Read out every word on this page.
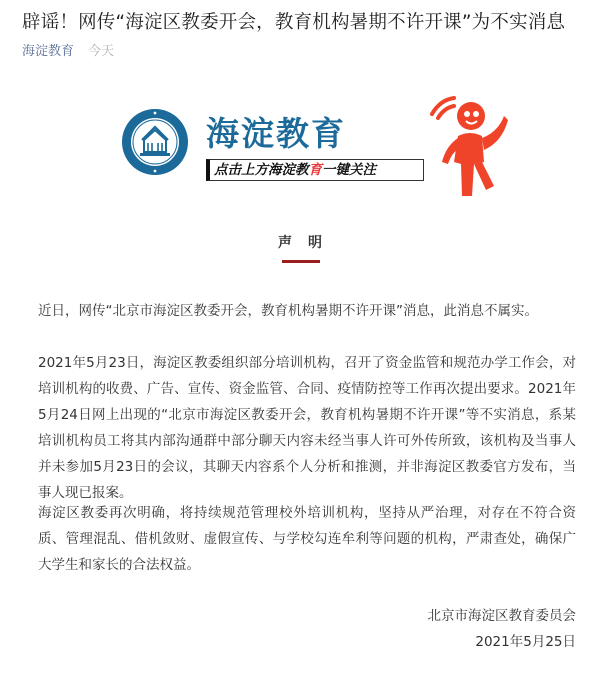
辟谣！网传“海淀区教委开会，教育机构暑期不许开课”为不实消息
海淀教育 今天
海淀教育
点击上方海淀教育一键关注
声明

近日，网传“北京市海淀区教委开会，教育机构暑期不许开课”消息，此消息不属实。

2021年5月23日，海淀区教委组织部分培训机构，召开了资金监管和规范办学工作会，对培训机构的收费、广告、宣传、资金监管、合同、疫情防控等工作再次提出要求。2021年5月24日网上出现的“北京市海淀区教委开会，教育机构暑期不许开课”等不实消息，系某培训机构员工将其内部沟通群中部分聊天内容未经当事人许可外传所致，该机构及当事人并未参加5月23日的会议，其聊天内容系个人分析和推测，并非海淀区教委官方发布，当事人现已报案。

海淀区教委再次明确，将持续规范管理校外培训机构，坚持从严治理，对存在不符合资质、管理混乱、借机敛财、虚假宣传、与学校勾连牟利等问题的机构，严肃查处，确保广大学生和家长的合法权益。

北京市海淀区教育委员会
2021年5月25日
